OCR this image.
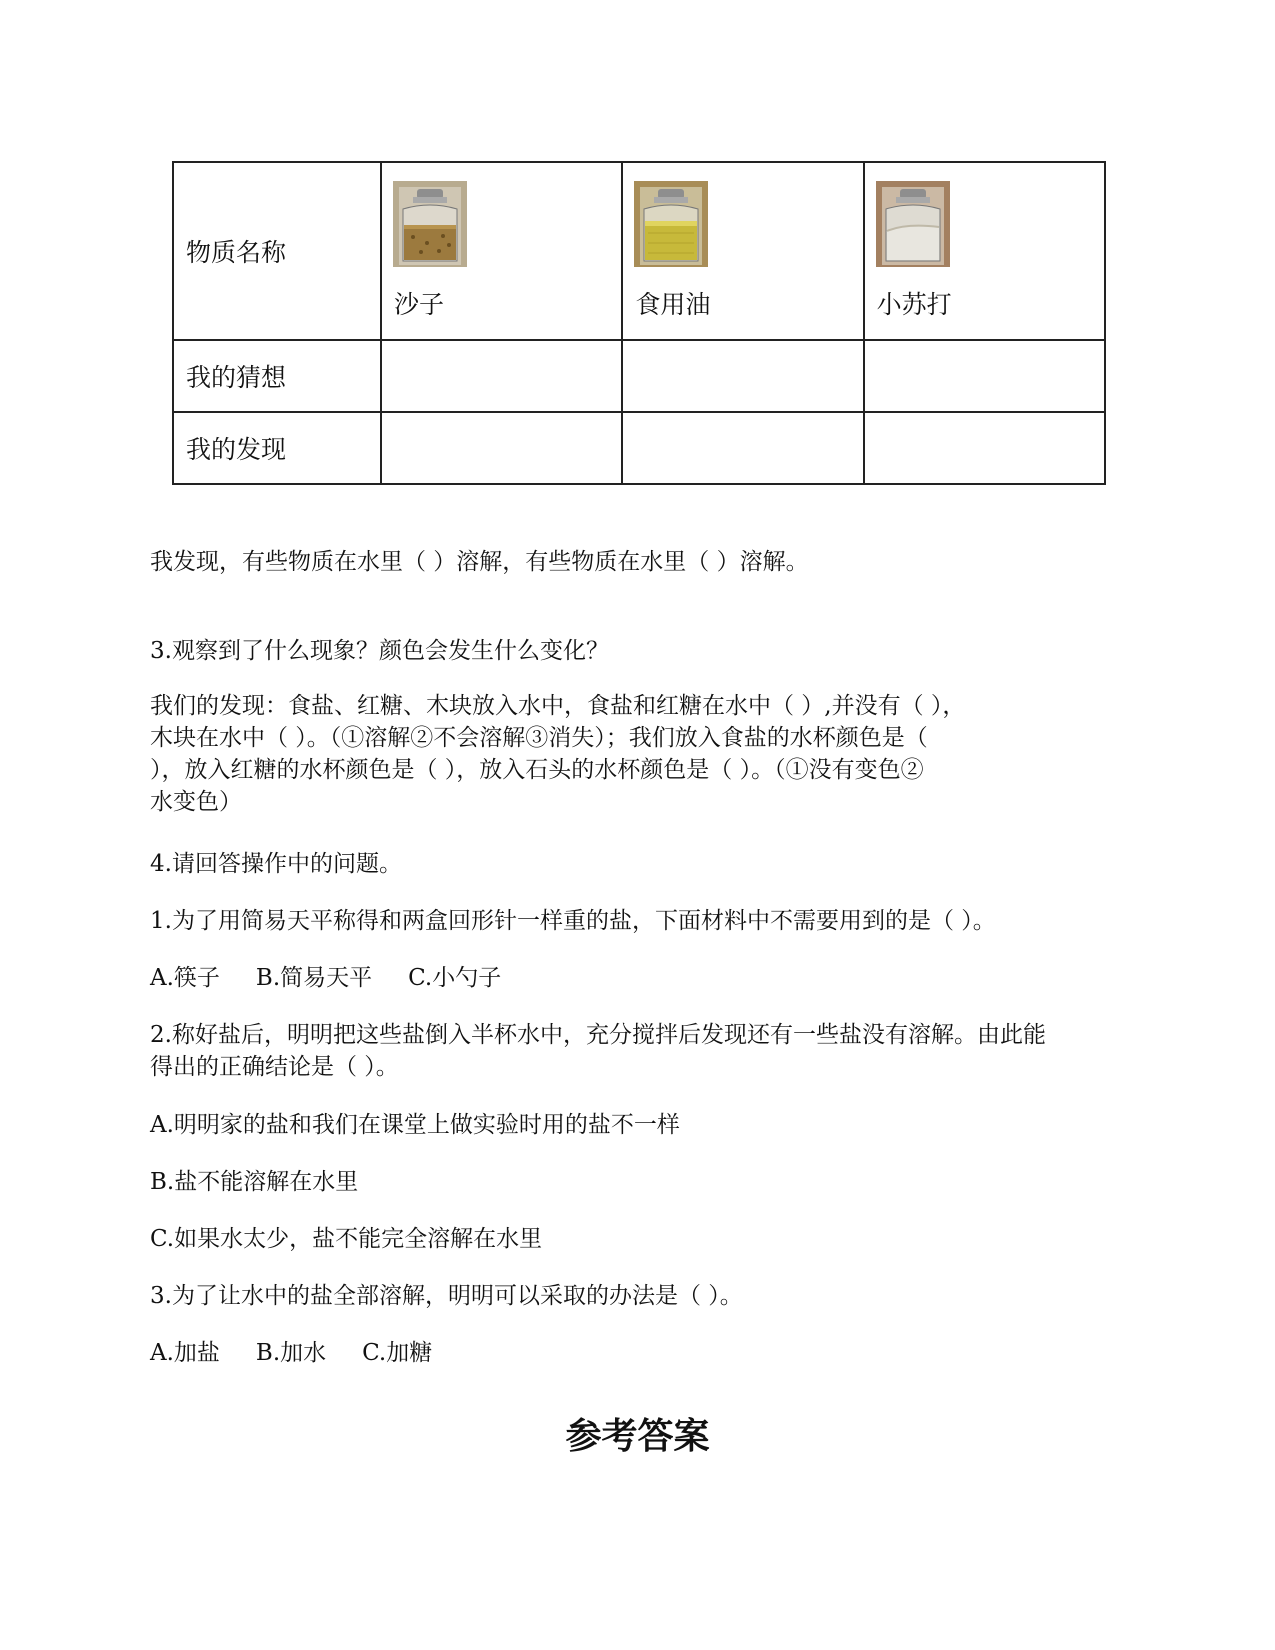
物质名称	沙子	食用油	小苏打

我的猜想			
我的发现			
我发现，有些物质在水里（ ）溶解，有些物质在水里（ ）溶解。
3.观察到了什么现象？颜色会发生什么变化？
我们的发现：食盐、红糖、木块放入水中，食盐和红糖在水中（ ）,并没有（ ），
木块在水中（ ）。（①溶解②不会溶解③消失）；我们放入食盐的水杯颜色是（
），放入红糖的水杯颜色是（ ），放入石头的水杯颜色是（ ）。（①没有变色②
水变色）
4.请回答操作中的问题。
1.为了用简易天平称得和两盒回形针一样重的盐，下面材料中不需要用到的是（ ）。
A.筷子 B.简易天平 C.小勺子
2.称好盐后，明明把这些盐倒入半杯水中，充分搅拌后发现还有一些盐没有溶解。由此能
得出的正确结论是（ ）。
A.明明家的盐和我们在课堂上做实验时用的盐不一样
B.盐不能溶解在水里
C.如果水太少，盐不能完全溶解在水里
3.为了让水中的盐全部溶解，明明可以采取的办法是（ ）。
A.加盐 B.加水 C.加糖
参考答案
